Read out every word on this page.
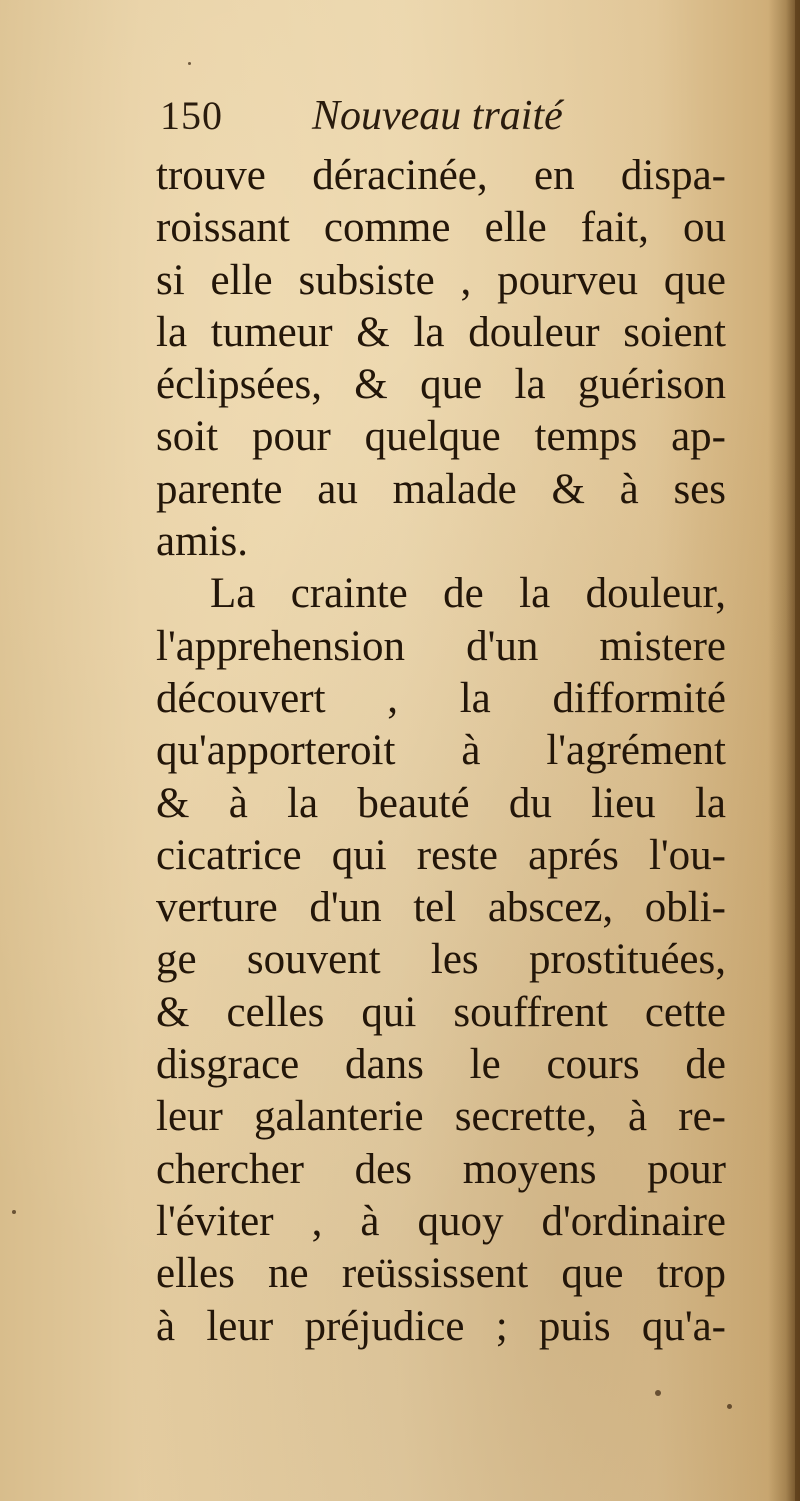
150 Nouveau traité
trouve déracinée, en dispa-
roissant comme elle fait, ou
si elle subsiste , pourveu que
la tumeur & la douleur soient
éclipsées, & que la guérison
soit pour quelque temps ap-
parente au malade & à ses
amis.
La crainte de la douleur,
l'apprehension d'un mistere
découvert , la difformité
qu'apporteroit à l'agrément
& à la beauté du lieu la
cicatrice qui reste aprés l'ou-
verture d'un tel abscez, obli-
ge souvent les prostituées,
& celles qui souffrent cette
disgrace dans le cours de
leur galanterie secrette, à re-
chercher des moyens pour
l'éviter , à quoy d'ordinaire
elles ne reüssissent que trop
à leur préjudice ; puis qu'a-
